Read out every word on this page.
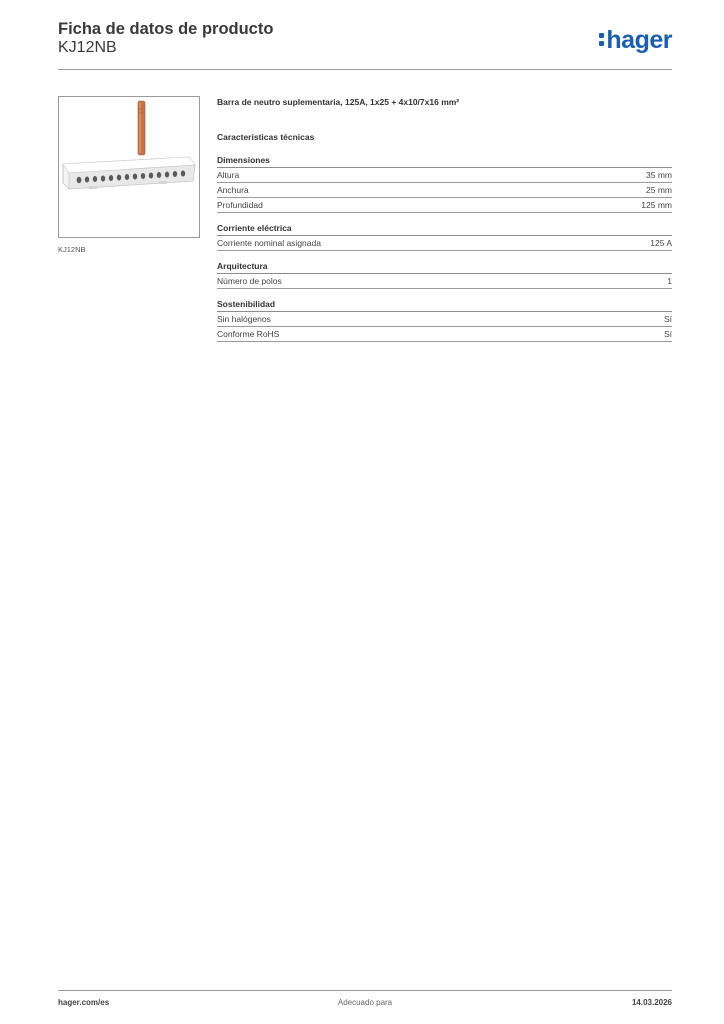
Ficha de datos de producto
KJ12NB	hager
KJ12NB
Barra de neutro suplementaria, 125A, 1x25 + 4x10/7x16 mm²
Características técnicas
Dimensiones
Altura	35 mm
Anchura	25 mm
Profundidad	125 mm
Corriente eléctrica
Corriente nominal asignada	125 A
Arquitectura
Número de polos	1
Sostenibilidad
Sin halógenos	Sí
Conforme RoHS	Sí
hager.com/es	Adecuado para	14.03.2026
